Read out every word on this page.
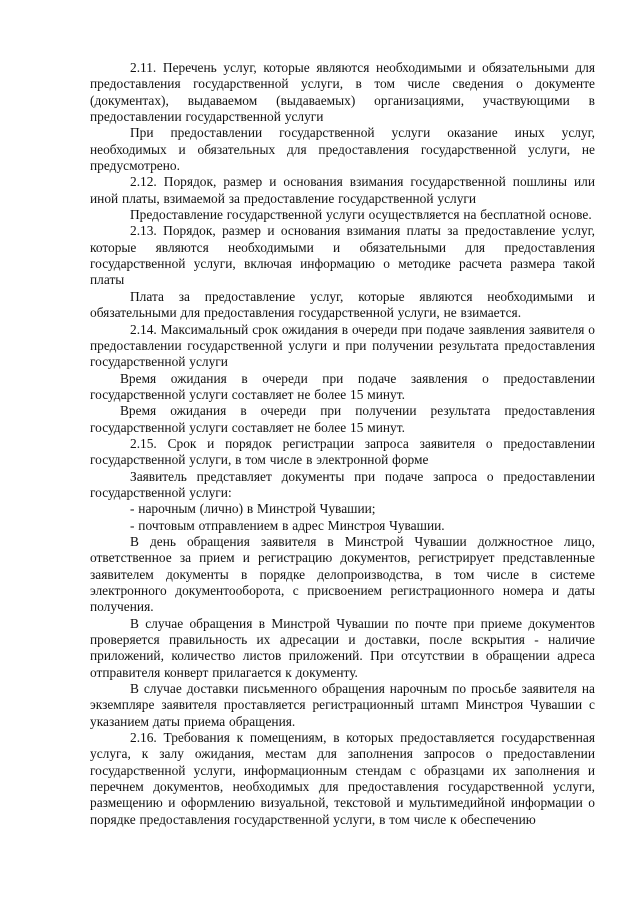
2.11. Перечень услуг, которые являются необходимыми и обязательными для предоставления государственной услуги, в том числе сведения о документе (документах), выдаваемом (выдаваемых) организациями, участвующими в предоставлении государственной услуги

При предоставлении государственной услуги оказание иных услуг, необходимых и обязательных для предоставления государственной услуги, не предусмотрено.

2.12. Порядок, размер и основания взимания государственной пошлины или иной платы, взимаемой за предоставление государственной услуги

Предоставление государственной услуги осуществляется на бесплатной основе.

2.13. Порядок, размер и основания взимания платы за предоставление услуг, которые являются необходимыми и обязательными для предоставления государственной услуги, включая информацию о методике расчета размера такой платы

Плата за предоставление услуг, которые являются необходимыми и обязательными для предоставления государственной услуги, не взимается.

2.14. Максимальный срок ожидания в очереди при подаче заявления заявителя о предоставлении государственной услуги и при получении результата предоставления государственной услуги

Время ожидания в очереди при подаче заявления о предоставлении государственной услуги составляет не более 15 минут.

Время ожидания в очереди при получении результата предоставления государственной услуги составляет не более 15 минут.

2.15. Срок и порядок регистрации запроса заявителя о предоставлении государственной услуги, в том числе в электронной форме

Заявитель представляет документы при подаче запроса о предоставлении государственной услуги:

- нарочным (лично) в Минстрой Чувашии;

- почтовым отправлением в адрес Минстроя Чувашии.

В день обращения заявителя в Минстрой Чувашии должностное лицо, ответственное за прием и регистрацию документов, регистрирует представленные заявителем документы в порядке делопроизводства, в том числе в системе электронного документооборота, с присвоением регистрационного номера и даты получения.

В случае обращения в Минстрой Чувашии по почте при приеме документов проверяется правильность их адресации и доставки, после вскрытия - наличие приложений, количество листов приложений. При отсутствии в обращении адреса отправителя конверт прилагается к документу.

В случае доставки письменного обращения нарочным по просьбе заявителя на экземпляре заявителя проставляется регистрационный штамп Минстроя Чувашии с указанием даты приема обращения.

2.16. Требования к помещениям, в которых предоставляется государственная услуга, к залу ожидания, местам для заполнения запросов о предоставлении государственной услуги, информационным стендам с образцами их заполнения и перечнем документов, необходимых для предоставления государственной услуги, размещению и оформлению визуальной, текстовой и мультимедийной информации о порядке предоставления государственной услуги, в том числе к обеспечению
